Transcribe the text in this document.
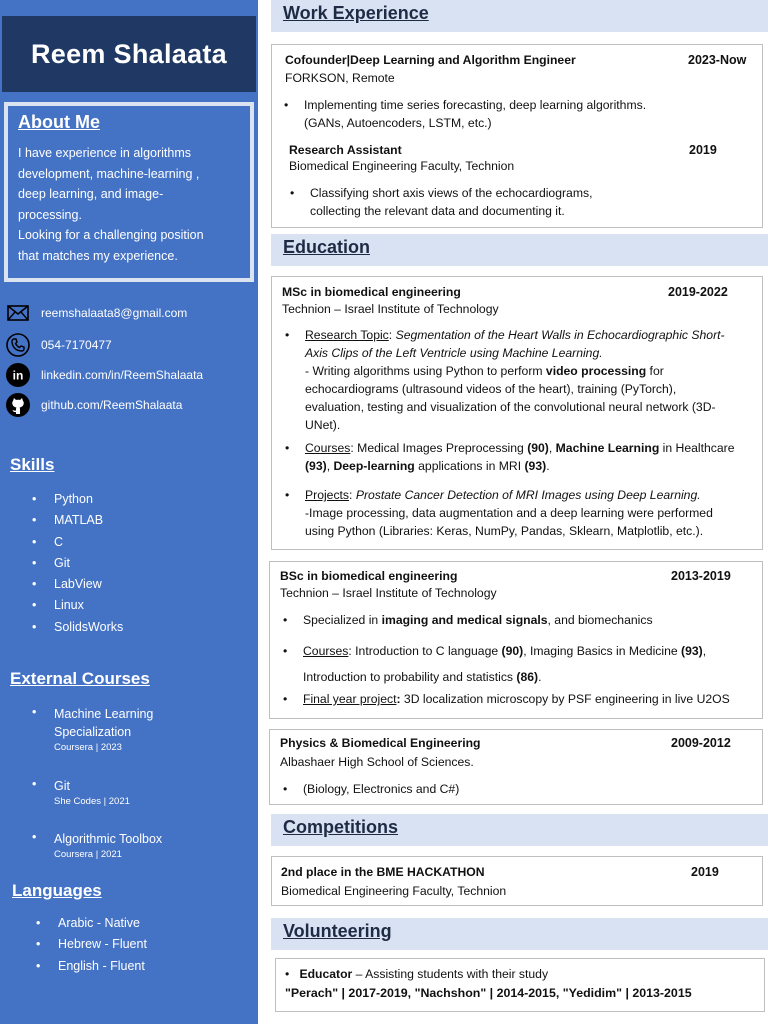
Reem Shalaata
About Me

I have experience in algorithms

development, machine-learning ,

deep learning, and image-

processing.

Looking for a challenging position

that matches my experience.

reemshalaata8@gmail.com
054-7170477
in linkedin.com/in/ReemShalaata
github.com/ReemShalaata
Skills
• Python
• MATLAB
• C
• Git
• LabView
• Linux
• SolidsWorks
External Courses
• Machine Learning
Specialization
Coursera | 2023
• Git
She Codes | 2021
• Algorithmic Toolbox
Coursera | 2021
Languages
• Arabic - Native
• Hebrew - Fluent
• English - Fluent
Work Experience
Cofounder|Deep Learning and Algorithm Engineer	2023-Now
FORKSON, Remote
• Implementing time series forecasting, deep learning algorithms.
(GANs, Autoencoders, LSTM, etc.)
Research Assistant	2019
Biomedical Engineering Faculty, Technion
• Classifying short axis views of the echocardiograms,
collecting the relevant data and documenting it.
Education
MSc in biomedical engineering	2019-2022
Technion – Israel Institute of Technology
• Research Topic: Segmentation of the Heart Walls in Echocardiographic Short-
Axis Clips of the Left Ventricle using Machine Learning.
- Writing algorithms using Python to perform video processing for
echocardiograms (ultrasound videos of the heart), training (PyTorch),
evaluation, testing and visualization of the convolutional neural network (3D-
UNet).
• Courses: Medical Images Preprocessing (90), Machine Learning in Healthcare
(93), Deep-learning applications in MRI (93).
• Projects: Prostate Cancer Detection of MRI Images using Deep Learning.
-Image processing, data augmentation and a deep learning were performed
using Python (Libraries: Keras, NumPy, Pandas, Sklearn, Matplotlib, etc.).
BSc in biomedical engineering	2013-2019
Technion – Israel Institute of Technology
• Specialized in imaging and medical signals, and biomechanics
• Courses: Introduction to C language (90), Imaging Basics in Medicine (93),
Introduction to probability and statistics (86).
• Final year project: 3D localization microscopy by PSF engineering in live U2OS
Physics & Biomedical Engineering	2009-2012
Albashaer High School of Sciences.
• (Biology, Electronics and C#)
Competitions
2nd place in the BME HACKATHON	2019
Biomedical Engineering Faculty, Technion
Volunteering
•   Educator – Assisting students with their study
"Perach" | 2017-2019, "Nachshon" | 2014-2015, "Yedidim" | 2013-2015
